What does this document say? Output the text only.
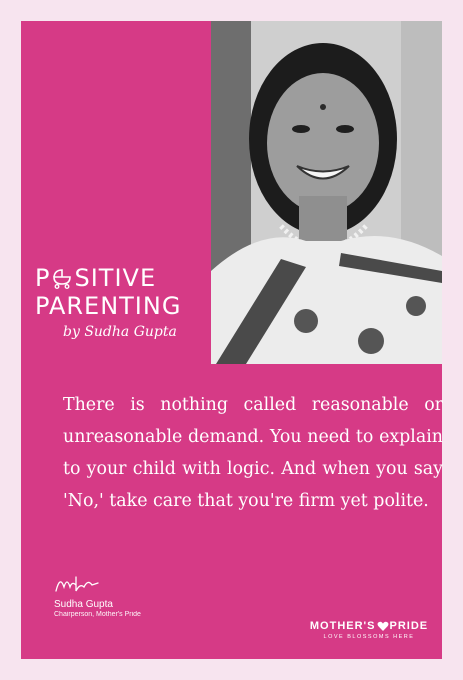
P SITIVE
PARENTING
by Sudha Gupta

There is nothing called reasonable or unreasonable demand. You need to explain to your child with logic. And when you say 'No,' take care that you're firm yet polite.

Sudha Gupta
Chairperson, Mother's Pride
MOTHER'S PRIDE
LOVE BLOSSOMS HERE
